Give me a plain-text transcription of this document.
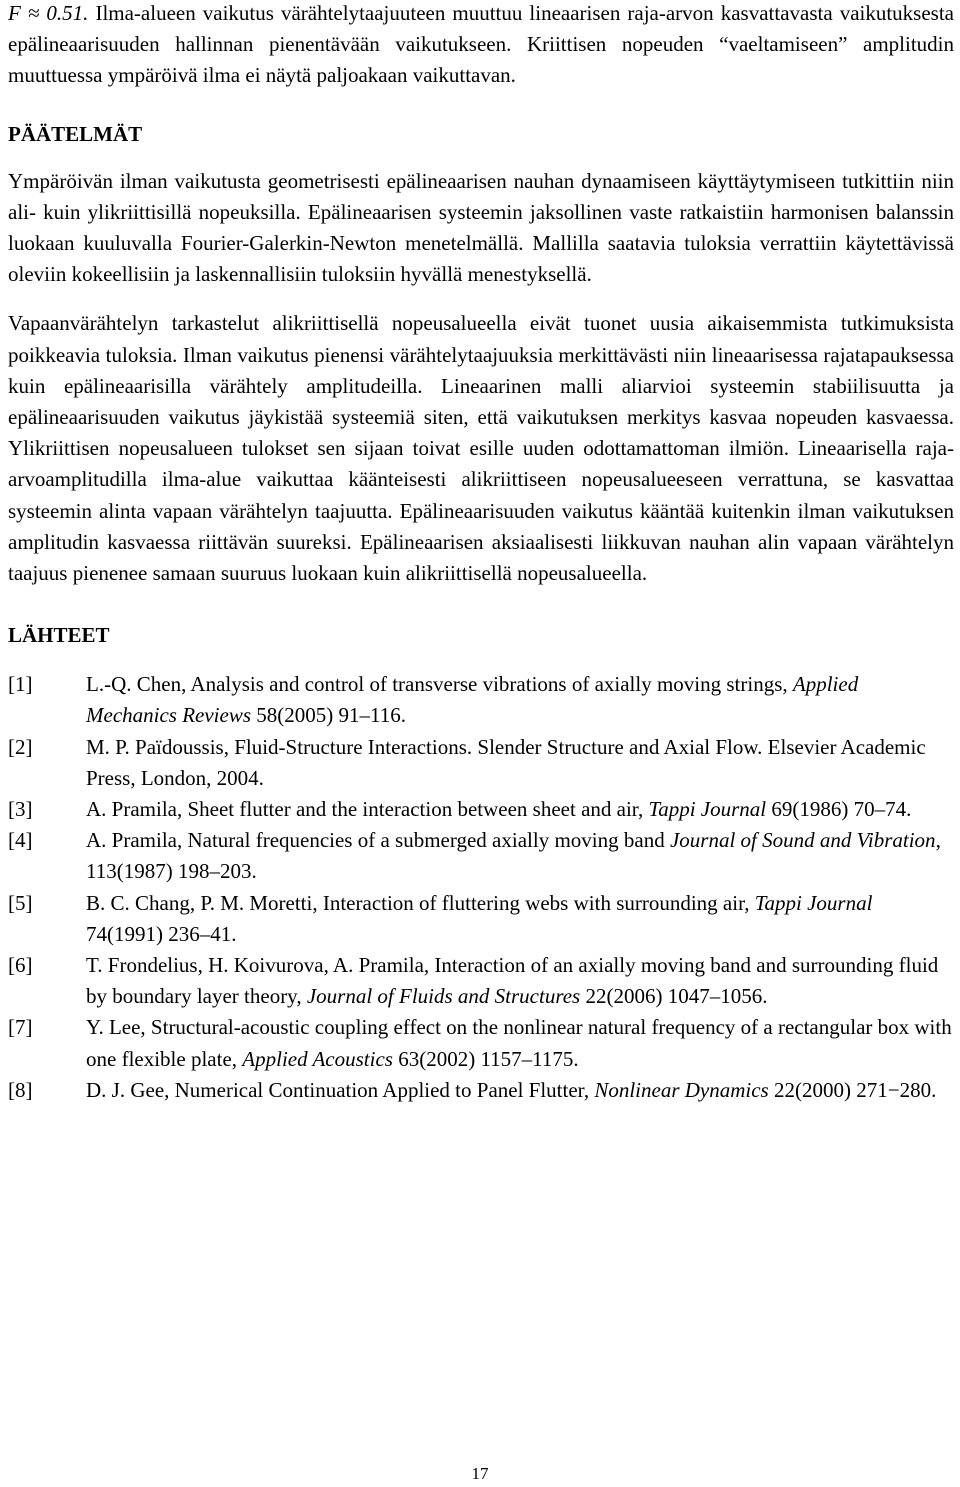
F ≈ 0.51. Ilma-alueen vaikutus värähtelytaajuuteen muuttuu lineaarisen raja-arvon kasvattavasta vaikutuksesta epälineaarisuuden hallinnan pienentävään vaikutukseen. Kriittisen nopeuden “vaeltamiseen” amplitudin muuttuessa ympäröivä ilma ei näytä paljoakaan vaikuttavan.

PÄÄTELMÄT

Ympäröivän ilman vaikutusta geometrisesti epälineaarisen nauhan dynaamiseen käyttäytymiseen tutkittiin niin ali- kuin ylikriittisillä nopeuksilla. Epälineaarisen systeemin jaksollinen vaste ratkaistiin harmonisen balanssin luokaan kuuluvalla Fourier-Galerkin-Newton menetelmällä. Mallilla saatavia tuloksia verrattiin käytettävissä oleviin kokeellisiin ja laskennallisiin tuloksiin hyvällä menestyksellä.

Vapaanvärähtelyn tarkastelut alikriittisellä nopeusalueella eivät tuonet uusia aikaisemmista tutkimuksista poikkeavia tuloksia. Ilman vaikutus pienensi värähtelytaajuuksia merkittävästi niin lineaarisessa rajatapauksessa kuin epälineaarisilla värähtely amplitudeilla. Lineaarinen malli aliarvioi systeemin stabiilisuutta ja epälineaarisuuden vaikutus jäykistää systeemiä siten, että vaikutuksen merkitys kasvaa nopeuden kasvaessa. Ylikriittisen nopeusalueen tulokset sen sijaan toivat esille uuden odottamattoman ilmiön. Lineaarisella raja-arvoamplitudilla ilma-alue vaikuttaa käänteisesti alikriittiseen nopeusalueeseen verrattuna, se kasvattaa systeemin alinta vapaan värähtelyn taajuutta. Epälineaarisuuden vaikutus kääntää kuitenkin ilman vaikutuksen amplitudin kasvaessa riittävän suureksi. Epälineaarisen aksiaalisesti liikkuvan nauhan alin vapaan värähtelyn taajuus pienenee samaan suuruus luokaan kuin alikriittisellä nopeusalueella.

LÄHTEET

[1]	L.-Q. Chen, Analysis and control of transverse vibrations of axially moving strings, Applied Mechanics Reviews 58(2005) 91–116.

[2]	M. P. Païdoussis, Fluid-Structure Interactions. Slender Structure and Axial Flow. Elsevier Academic Press, London, 2004.

[3]	A. Pramila, Sheet flutter and the interaction between sheet and air, Tappi Journal 69(1986) 70–74.

[4]	A. Pramila, Natural frequencies of a submerged axially moving band Journal of Sound and Vibration, 113(1987) 198–203.

[5]	B. C. Chang, P. M. Moretti, Interaction of fluttering webs with surrounding air, Tappi Journal 74(1991) 236–41.

[6]	T. Frondelius, H. Koivurova, A. Pramila, Interaction of an axially moving band and surrounding fluid by boundary layer theory, Journal of Fluids and Structures 22(2006) 1047–1056.

[7]	Y. Lee, Structural-acoustic coupling effect on the nonlinear natural frequency of a rectangular box with one flexible plate, Applied Acoustics 63(2002) 1157–1175.

[8]	D. J. Gee, Numerical Continuation Applied to Panel Flutter, Nonlinear Dynamics 22(2000) 271−280.

17
